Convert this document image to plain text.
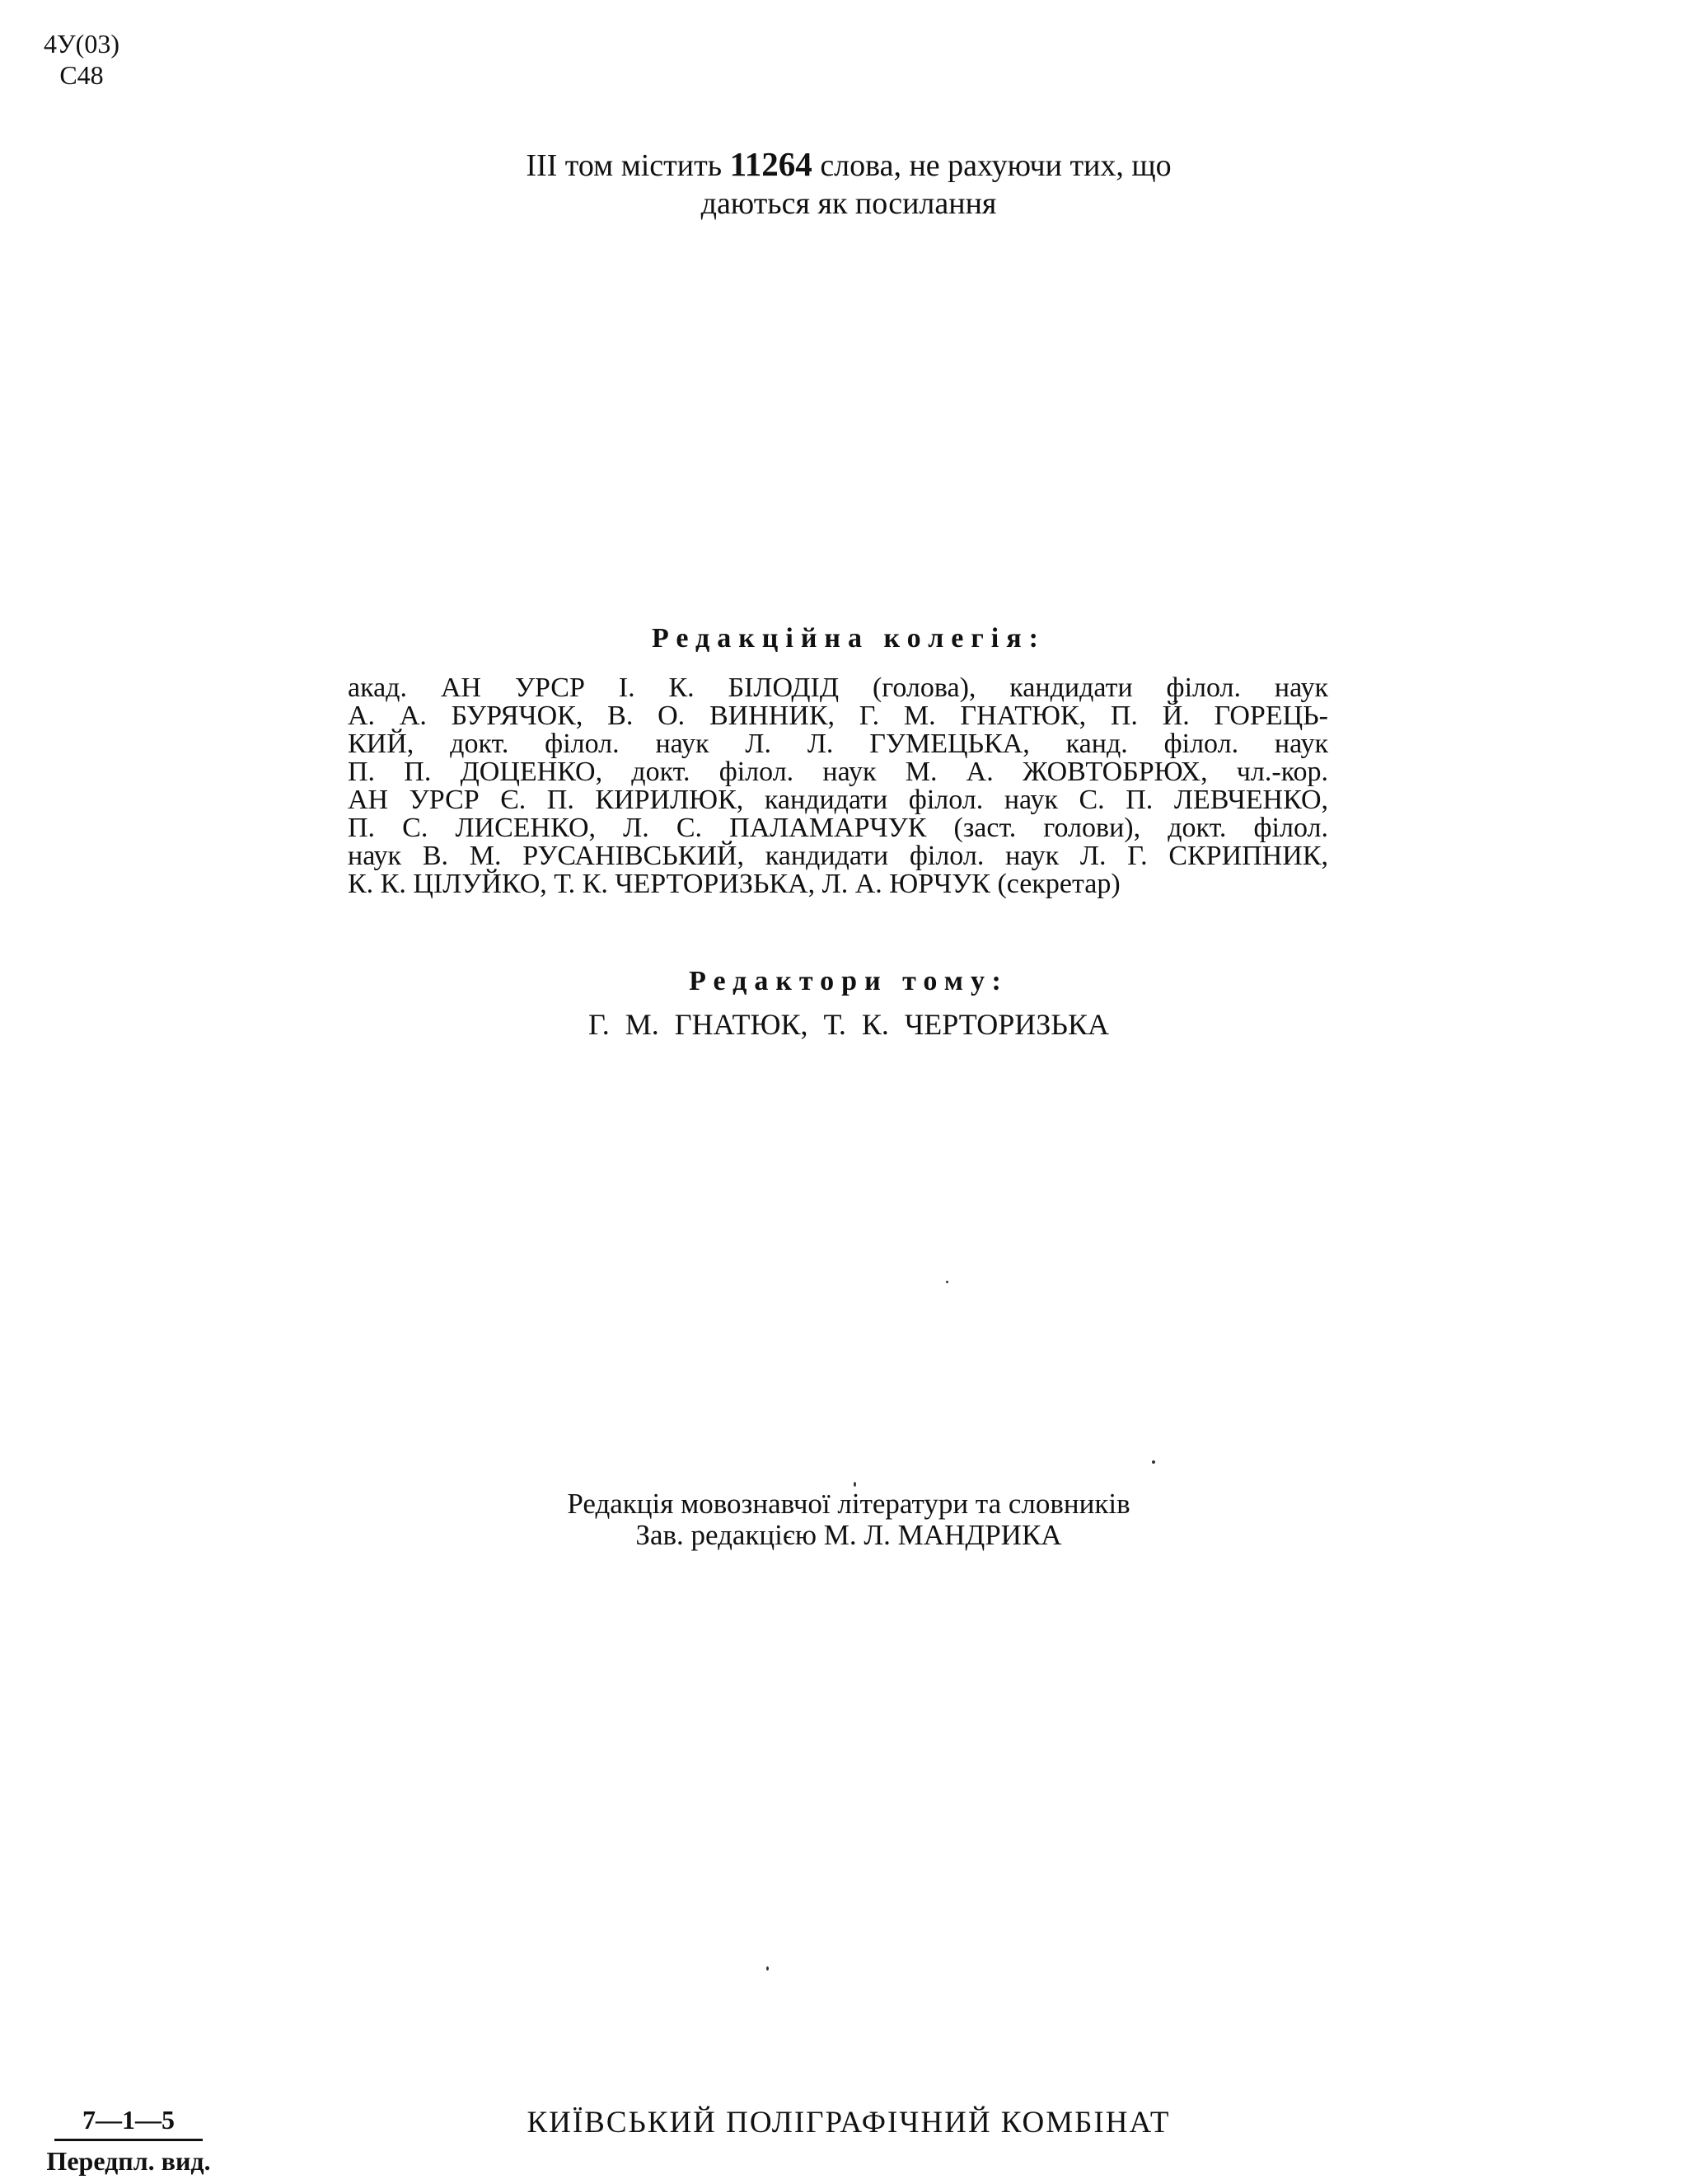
4У(03)
С48
III том містить 11264 слова, не рахуючи тих, що
даються як посилання
Редакційна колегія:
акад. АН УРСР І. К. БІЛОДІД (голова), кандидати філол. наук
А. А. БУРЯЧОК, В. О. ВИННИК, Г. М. ГНАТЮК, П. Й. ГОРЕЦЬ-
КИЙ, докт. філол. наук Л. Л. ГУМЕЦЬКА, канд. філол. наук
П. П. ДОЦЕНКО, докт. філол. наук М. А. ЖОВТОБРЮХ, чл.-кор.
АН УРСР Є. П. КИРИЛЮК, кандидати філол. наук С. П. ЛЕВЧЕНКО,
П. С. ЛИСЕНКО, Л. С. ПАЛАМАРЧУК (заст. голови), докт. філол.
наук В. М. РУСАНІВСЬКИЙ, кандидати філол. наук Л. Г. СКРИПНИК,
К. К. ЦІЛУЙКО, Т. К. ЧЕРТОРИЗЬКА, Л. А. ЮРЧУК (секретар)
Редактори тому:
Г. М. ГНАТЮК, Т. К. ЧЕРТОРИЗЬКА
Редакція мовознавчої літератури та словників
Зав. редакцією М. Л. МАНДРИКА
7—1—5
Передпл. вид.
КИЇВСЬКИЙ ПОЛІГРАФІЧНИЙ КОМБІНАТ
